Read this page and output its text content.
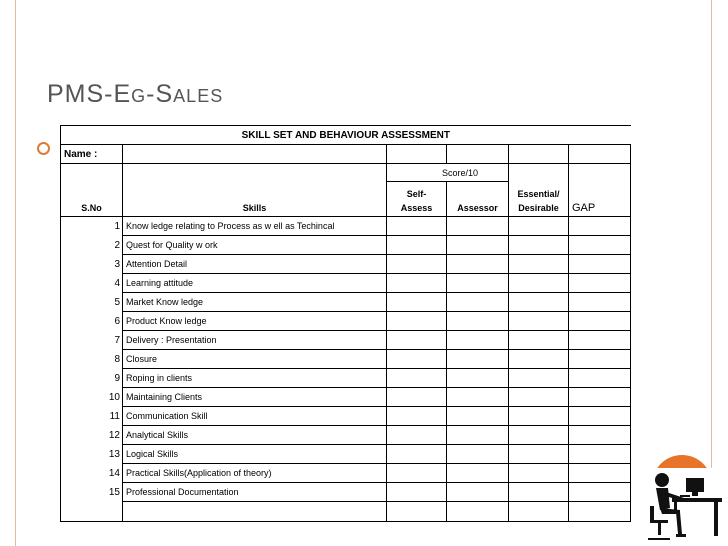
PMS-Eg-Sales
SKILL SET AND BEHAVIOUR ASSESSMENT					
Name :					
		Score/10			
		Self-		Essential/	
S.No	Skills	Assess	Assessor	Desirable	GAP
1	Know ledge relating to Process as w ell as Techincal				
2	Quest for Quality w ork				
3	Attention Detail				
4	Learning attitude				
5	Market Know ledge				
6	Product Know ledge				
7	Delivery : Presentation				
8	Closure				
9	Roping in clients				
10	Maintaining Clients				
11	Communication Skill				
12	Analytical Skills				
13	Logical Skills				
14	Practical Skills(Application of theory)				
15	Professional Documentation				
